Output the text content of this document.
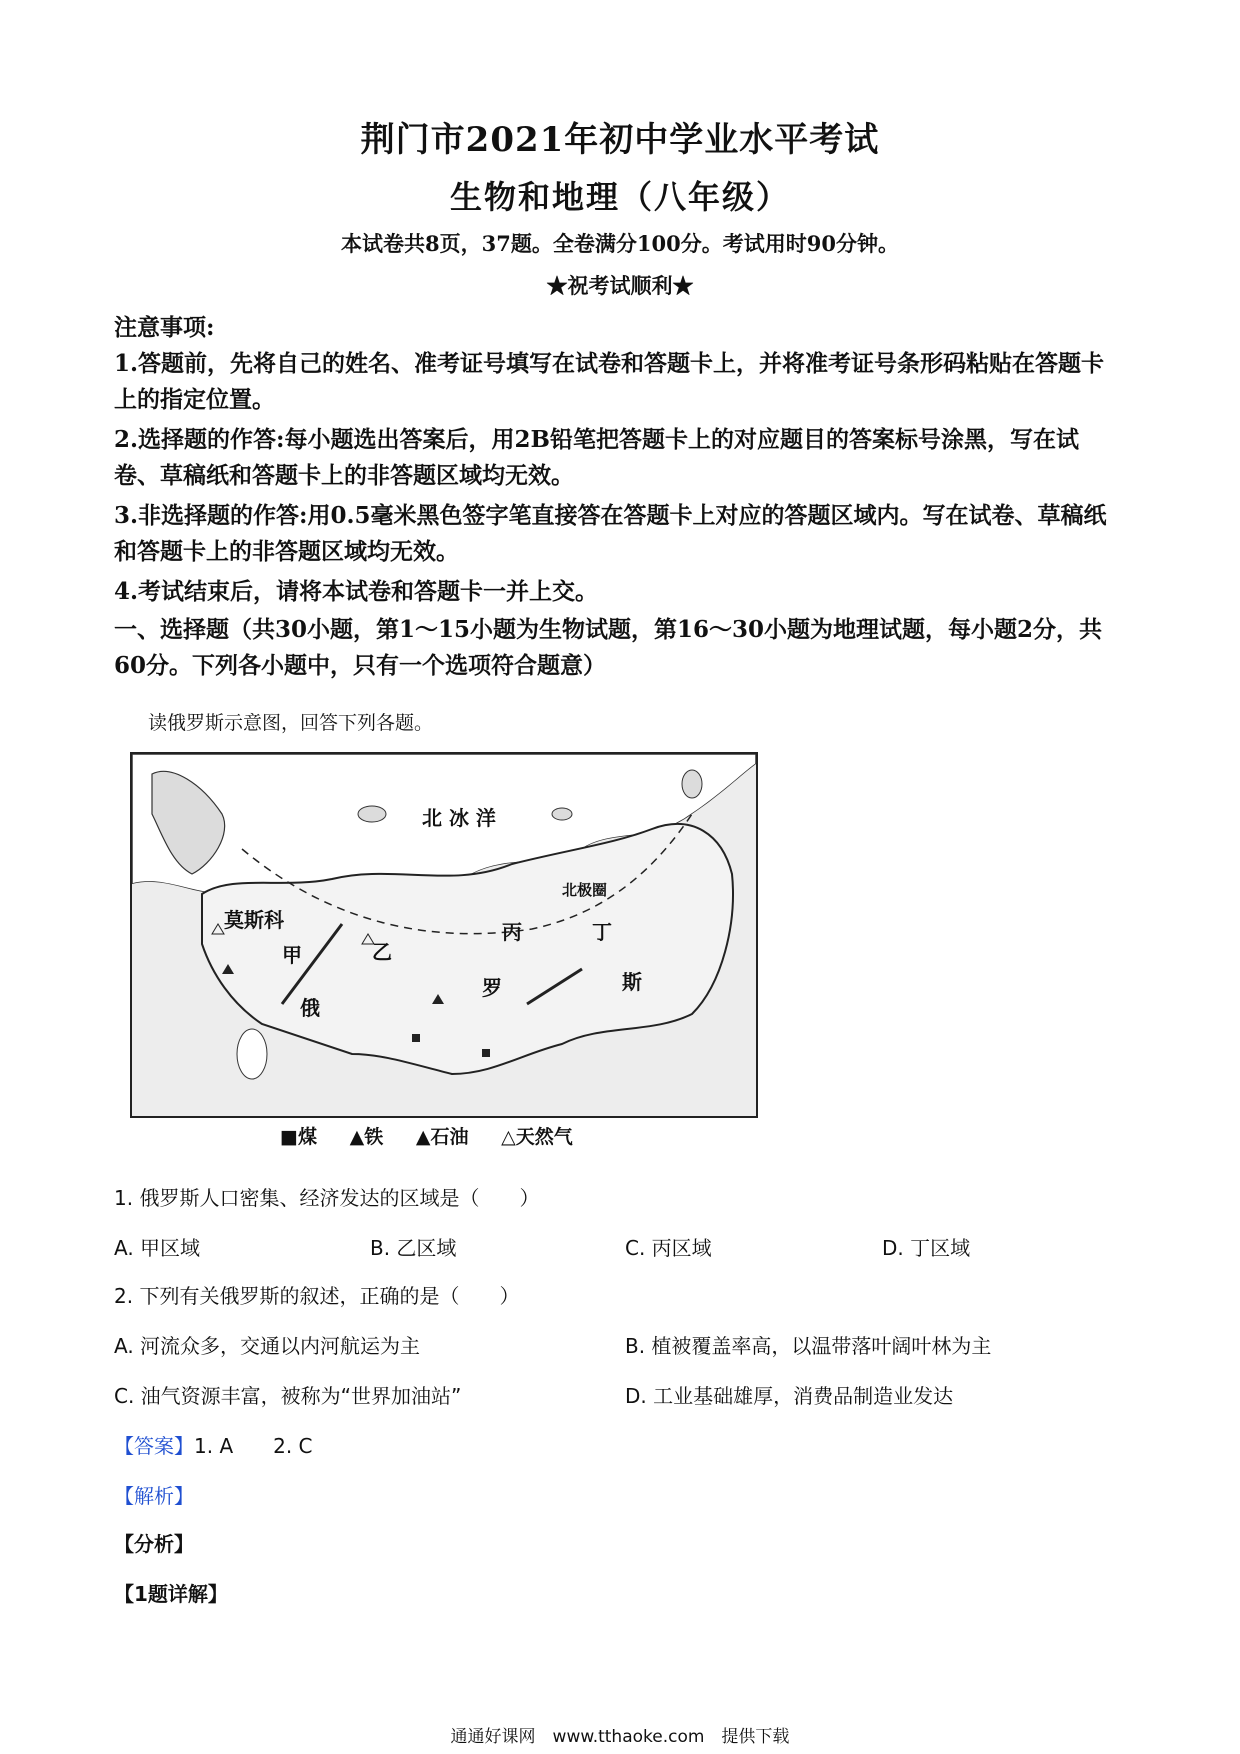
荆门市2021年初中学业水平考试
生物和地理（八年级）
本试卷共8页，37题。全卷满分100分。考试用时90分钟。
★祝考试顺利★
注意事项:
1.答题前，先将自己的姓名、准考证号填写在试卷和答题卡上，并将准考证号条形码粘贴在答题卡上的指定位置。
2.选择题的作答:每小题选出答案后，用2B铅笔把答题卡上的对应题目的答案标号涂黑，写在试卷、草稿纸和答题卡上的非答题区域均无效。
3.非选择题的作答:用0.5毫米黑色签字笔直接答在答题卡上对应的答题区域内。写在试卷、草稿纸和答题卡上的非答题区域均无效。
4.考试结束后，请将本试卷和答题卡一并上交。
一、选择题（共30小题，第1～15小题为生物试题，第16～30小题为地理试题，每小题2分，共60分。下列各小题中，只有一个选项符合题意）
读俄罗斯示意图，回答下列各题。
北 冰 洋
莫斯科
甲	乙
丙	丁
俄
罗	斯
北极圈
■煤 ▲铁 ▲石油 △天然气
1. 俄罗斯人口密集、经济发达的区域是（　　）
A. 甲区域	B. 乙区域	C. 丙区域	D. 丁区域
2. 下列有关俄罗斯的叙述，正确的是（　　）
A. 河流众多，交通以内河航运为主	B. 植被覆盖率高，以温带落叶阔叶林为主
C. 油气资源丰富，被称为“世界加油站”	D. 工业基础雄厚，消费品制造业发达
【答案】1. A　　2. C
【解析】
【分析】
【1题详解】
通通好课网　www.tthaoke.com　提供下载
